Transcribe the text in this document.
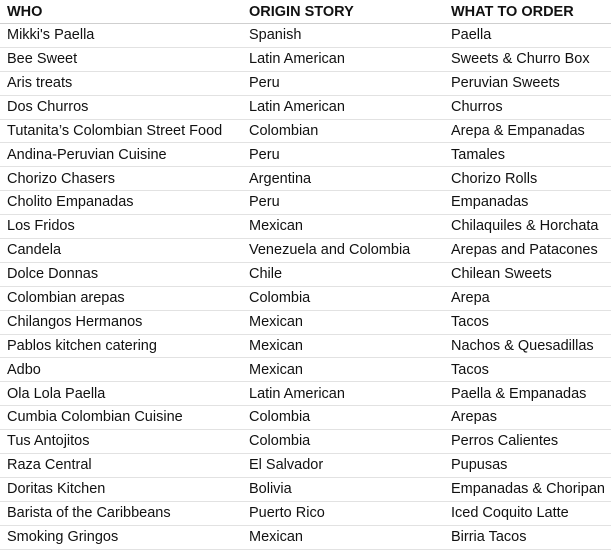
WHO	ORIGIN STORY	WHAT TO ORDER
Mikki's Paella	Spanish	Paella
Bee Sweet	Latin American	Sweets & Churro Box
Aris treats	Peru	Peruvian Sweets
Dos Churros	Latin American	Churros
Tutanita’s Colombian Street Food	Colombian	Arepa & Empanadas
Andina-Peruvian Cuisine	Peru	Tamales
Chorizo Chasers	Argentina	Chorizo Rolls
Cholito Empanadas	Peru	Empanadas
Los Fridos	Mexican	Chilaquiles & Horchata
Candela	Venezuela and Colombia	Arepas and Patacones
Dolce Donnas	Chile	Chilean Sweets
Colombian arepas	Colombia	Arepa
Chilangos Hermanos	Mexican	Tacos
Pablos kitchen catering	Mexican	Nachos & Quesadillas
Adbo	Mexican	Tacos
Ola Lola Paella	Latin American	Paella & Empanadas
Cumbia Colombian Cuisine	Colombia	Arepas
Tus Antojitos	Colombia	Perros Calientes
Raza Central	El Salvador	Pupusas
Doritas Kitchen	Bolivia	Empanadas & Choripan
Barista of the Caribbeans	Puerto Rico	Iced Coquito Latte
Smoking Gringos	Mexican	Birria Tacos
